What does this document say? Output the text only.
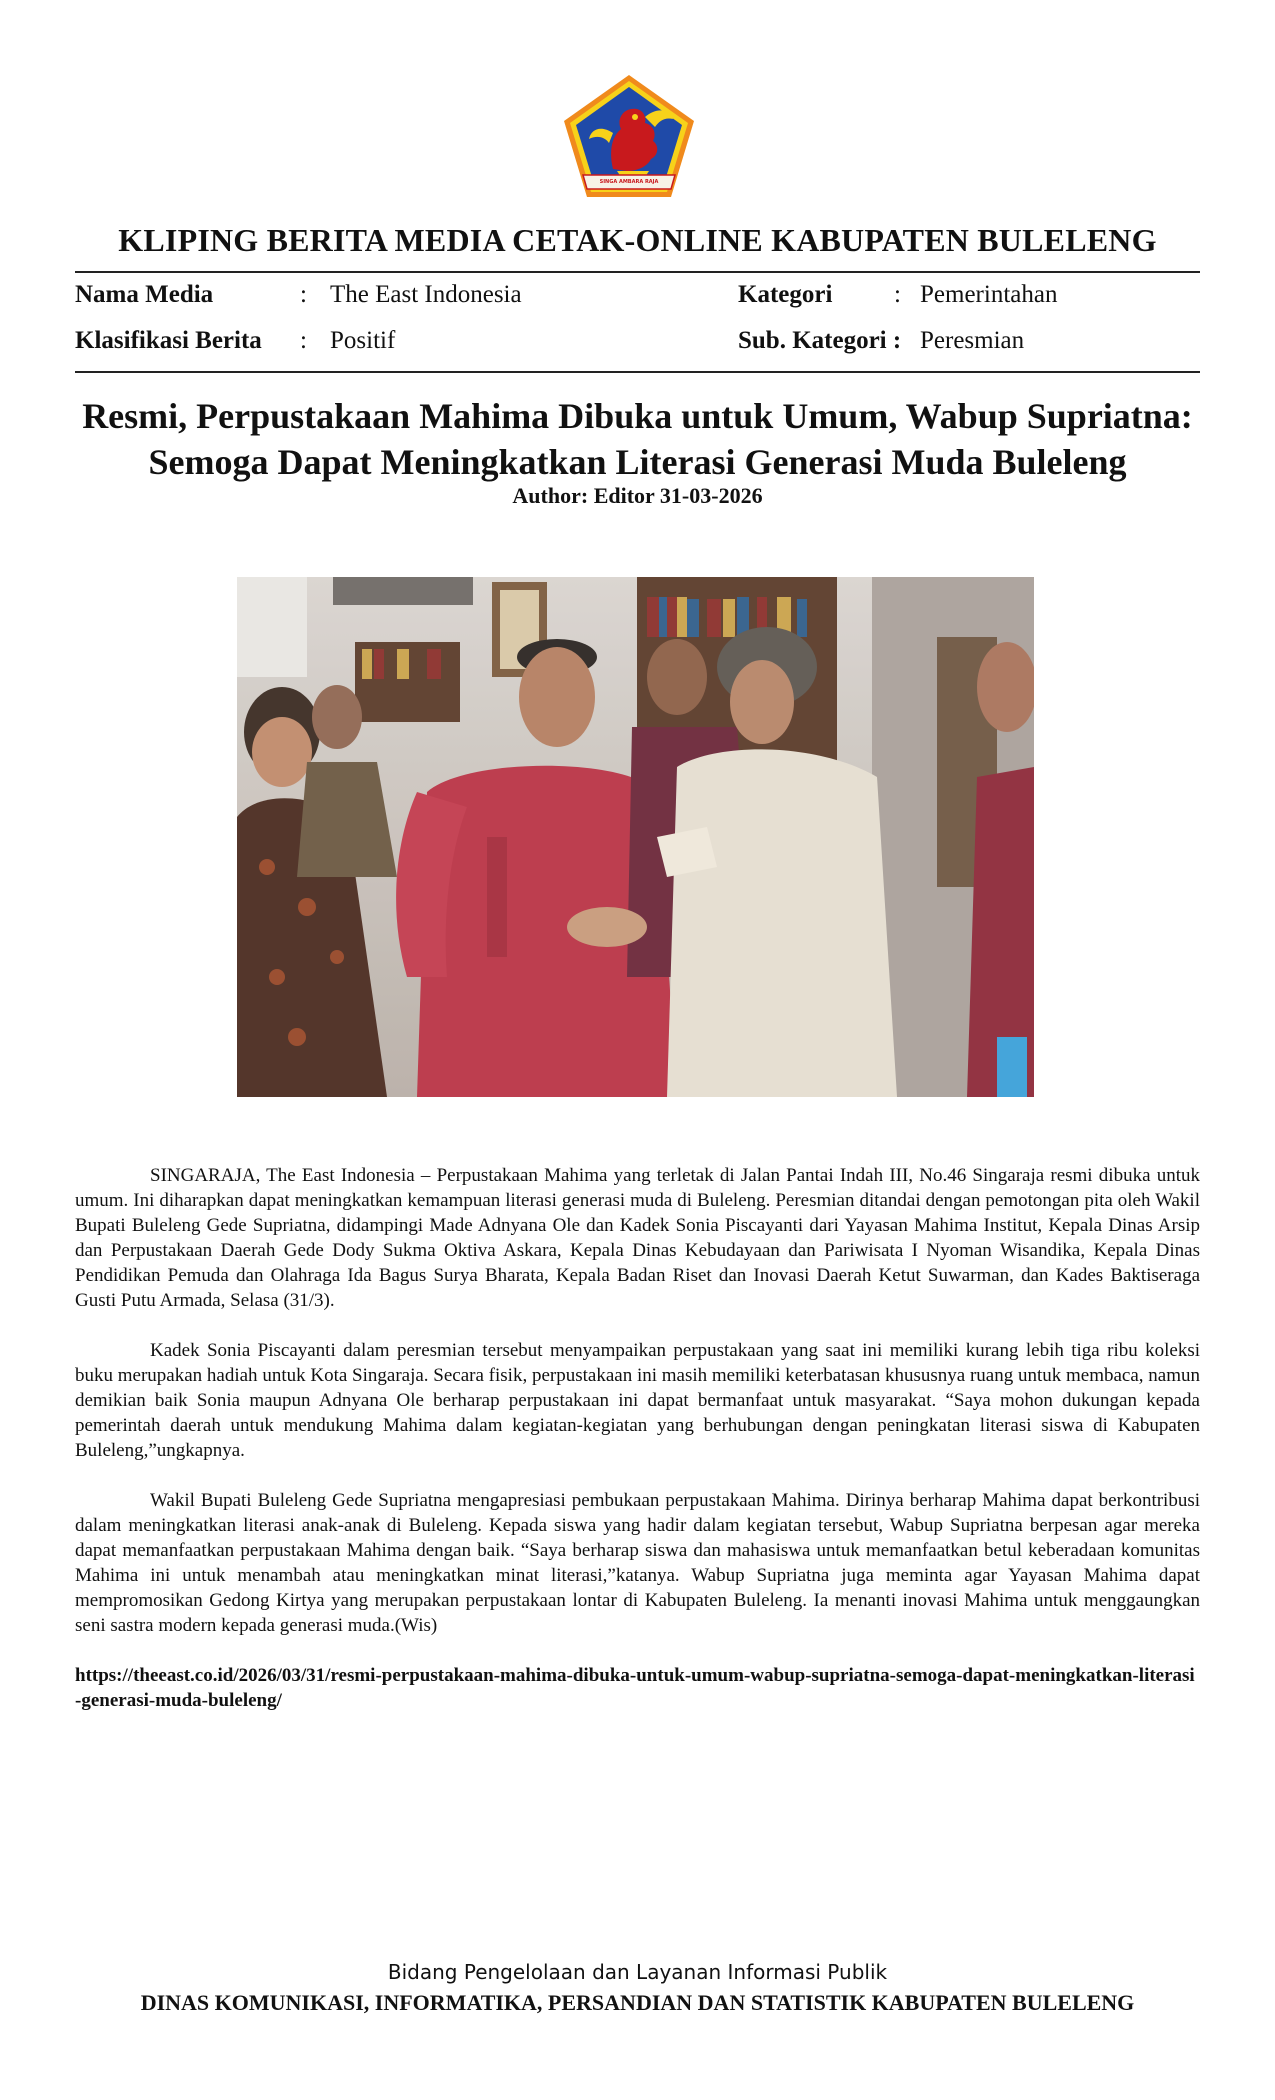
SINGA AMBARA RAJA
KLIPING BERITA MEDIA CETAK-ONLINE KABUPATEN BULELENG
Nama Media	: The East Indonesia	Kategori : Pemerintahan
Klasifikasi Berita : Positif	Sub. Kategori : Peresmian
Resmi, Perpustakaan Mahima Dibuka untuk Umum, Wabup Supriatna:
Semoga Dapat Meningkatkan Literasi Generasi Muda Buleleng
Author: Editor 31-03-2026
SINGARAJA, The East Indonesia – Perpustakaan Mahima yang terletak di Jalan Pantai Indah III, No.46 Singaraja resmi dibuka untuk umum. Ini diharapkan dapat meningkatkan kemampuan literasi generasi muda di Buleleng. Peresmian ditandai dengan pemotongan pita oleh Wakil Bupati Buleleng Gede Supriatna, didampingi Made Adnyana Ole dan Kadek Sonia Piscayanti dari Yayasan Mahima Institut, Kepala Dinas Arsip dan Perpustakaan Daerah Gede Dody Sukma Oktiva Askara, Kepala Dinas Kebudayaan dan Pariwisata I Nyoman Wisandika, Kepala Dinas Pendidikan Pemuda dan Olahraga Ida Bagus Surya Bharata, Kepala Badan Riset dan Inovasi Daerah Ketut Suwarman, dan Kades Baktiseraga Gusti Putu Armada, Selasa (31/3).
Kadek Sonia Piscayanti dalam peresmian tersebut menyampaikan perpustakaan yang saat ini memiliki kurang lebih tiga ribu koleksi buku merupakan hadiah untuk Kota Singaraja. Secara fisik, perpustakaan ini masih memiliki keterbatasan khususnya ruang untuk membaca, namun demikian baik Sonia maupun Adnyana Ole berharap perpustakaan ini dapat bermanfaat untuk masyarakat. “Saya mohon dukungan kepada pemerintah daerah untuk mendukung Mahima dalam kegiatan-kegiatan yang berhubungan dengan peningkatan literasi siswa di Kabupaten Buleleng,”ungkapnya.
Wakil Bupati Buleleng Gede Supriatna mengapresiasi pembukaan perpustakaan Mahima. Dirinya berharap Mahima dapat berkontribusi dalam meningkatkan literasi anak-anak di Buleleng. Kepada siswa yang hadir dalam kegiatan tersebut, Wabup Supriatna berpesan agar mereka dapat memanfaatkan perpustakaan Mahima dengan baik. “Saya berharap siswa dan mahasiswa untuk memanfaatkan betul keberadaan komunitas Mahima ini untuk menambah atau meningkatkan minat literasi,”katanya. Wabup Supriatna juga meminta agar Yayasan Mahima dapat mempromosikan Gedong Kirtya yang merupakan perpustakaan lontar di Kabupaten Buleleng. Ia menanti inovasi Mahima untuk menggaungkan seni sastra modern kepada generasi muda.(Wis)
https://theeast.co.id/2026/03/31/resmi-perpustakaan-mahima-dibuka-untuk-umum-wabup-supriatna-semoga-dapat-meningkatkan-literasi-generasi-muda-buleleng/
Bidang Pengelolaan dan Layanan Informasi Publik
DINAS KOMUNIKASI, INFORMATIKA, PERSANDIAN DAN STATISTIK KABUPATEN BULELENG
